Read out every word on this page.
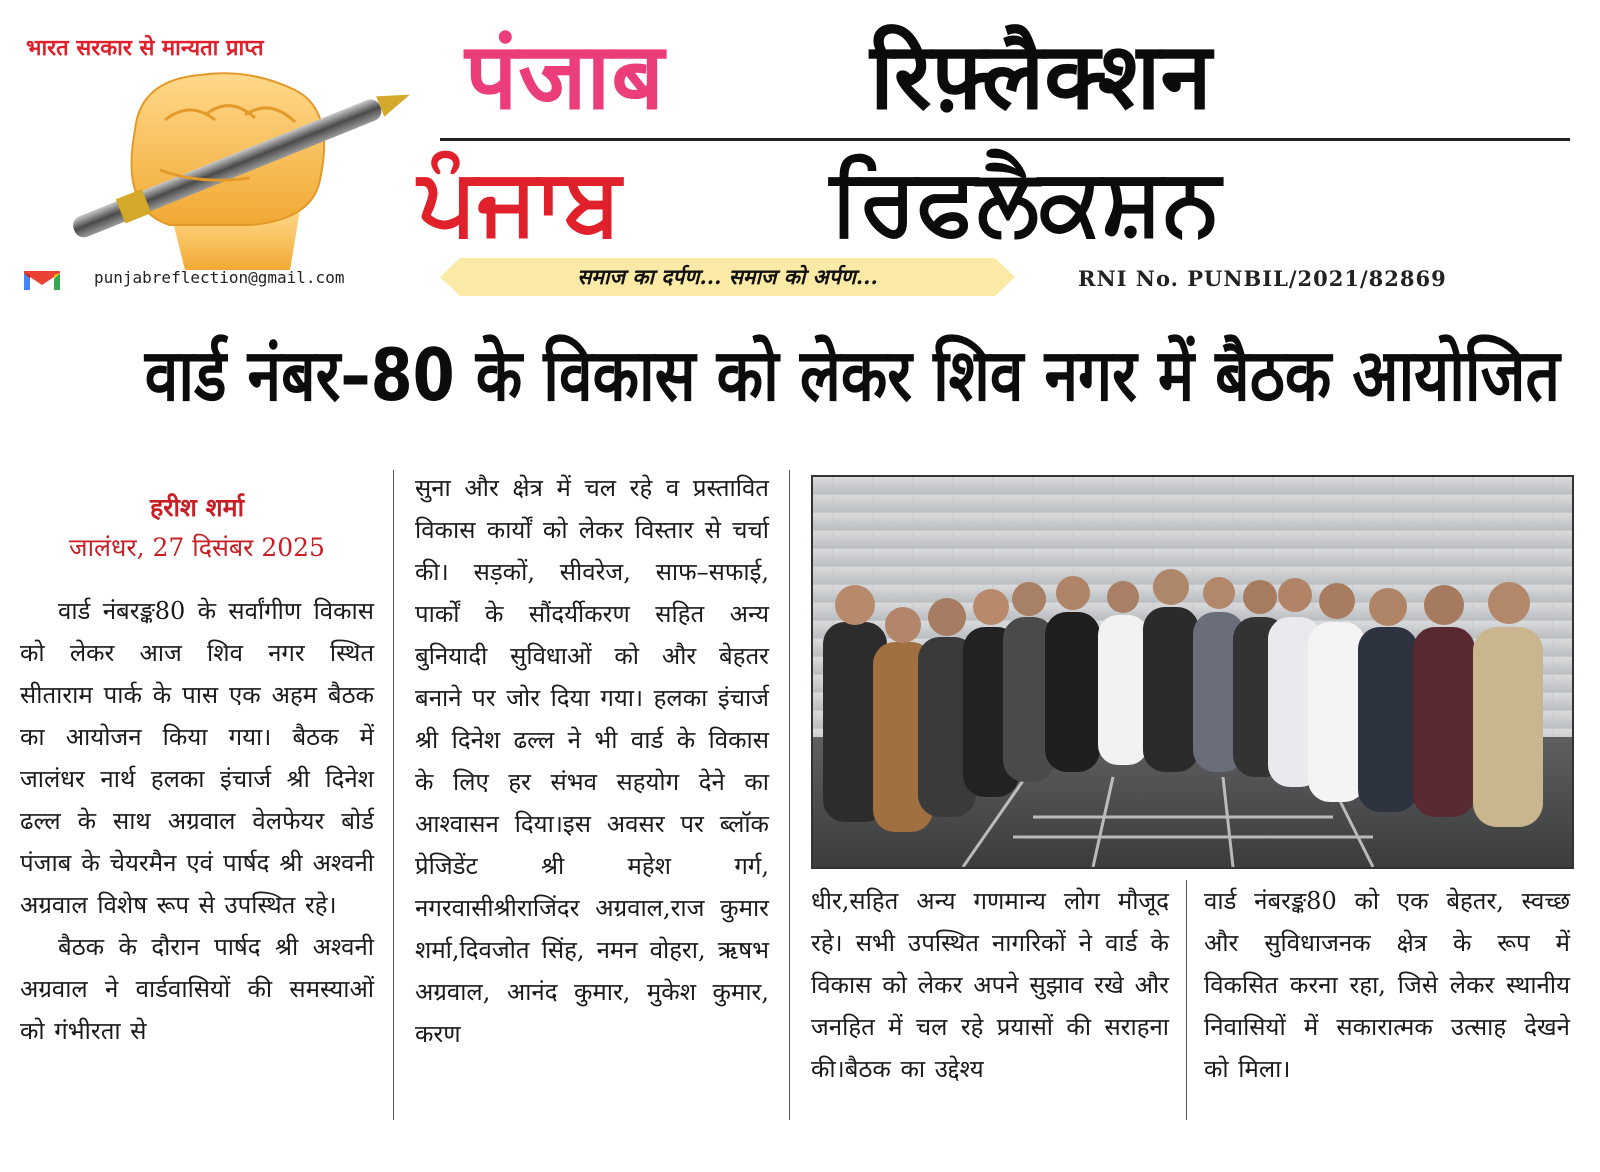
भारत सरकार से मान्यता प्राप्त पंजाब रिफ़्लैक्शन
ਪੰਜਾਬ ਰਿਫਲੈਕਸ਼ਨ
punjabreflection@gmail.com	समाज का दर्पण... समाज को अर्पण...	RNI No. PUNBIL/2021/82869
वार्ड नंबर–80 के विकास को लेकर शिव नगर में बैठक आयोजित
हरीश शर्मा
जालंधर, 27 दिसंबर 2025

वार्ड नंबरङ्क80 के सर्वांगीण विकास को लेकर आज शिव नगर स्थित सीताराम पार्क के पास एक अहम बैठक का आयोजन किया गया। बैठक में जालंधर नार्थ हलका इंचार्ज श्री दिनेश ढल्ल के साथ अग्रवाल वेलफेयर बोर्ड पंजाब के चेयरमैन एवं पार्षद श्री अश्वनी अग्रवाल विशेष रूप से उपस्थित रहे।

बैठक के दौरान पार्षद श्री अश्वनी अग्रवाल ने वार्डवासियों की समस्याओं को गंभीरता से

सुना और क्षेत्र में चल रहे व प्रस्तावित विकास कार्यों को लेकर विस्तार से चर्चा की। सड़कों, सीवरेज, साफ–सफाई, पार्कों के सौंदर्यीकरण सहित अन्य बुनियादी सुविधाओं को और बेहतर बनाने पर जोर दिया गया। हलका इंचार्ज श्री दिनेश ढल्ल ने भी वार्ड के विकास के लिए हर संभव सहयोग देने का आश्वासन दिया।इस अवसर पर ब्लॉक प्रेजिडेंट श्री महेश गर्ग, नगरवासीश्रीराजिंदर अग्रवाल,राज कुमार शर्मा,दिवजोत सिंह, नमन वोहरा, ऋषभ अग्रवाल, आनंद कुमार, मुकेश कुमार, करण

धीर,सहित अन्य गणमान्य लोग मौजूद रहे। सभी उपस्थित नागरिकों ने वार्ड के विकास को लेकर अपने सुझाव रखे और जनहित में चल रहे प्रयासों की सराहना की।बैठक का उद्देश्य

वार्ड नंबरङ्क80 को एक बेहतर, स्वच्छ और सुविधाजनक क्षेत्र के रूप में विकसित करना रहा, जिसे लेकर स्थानीय निवासियों में सकारात्मक उत्साह देखने को मिला।
